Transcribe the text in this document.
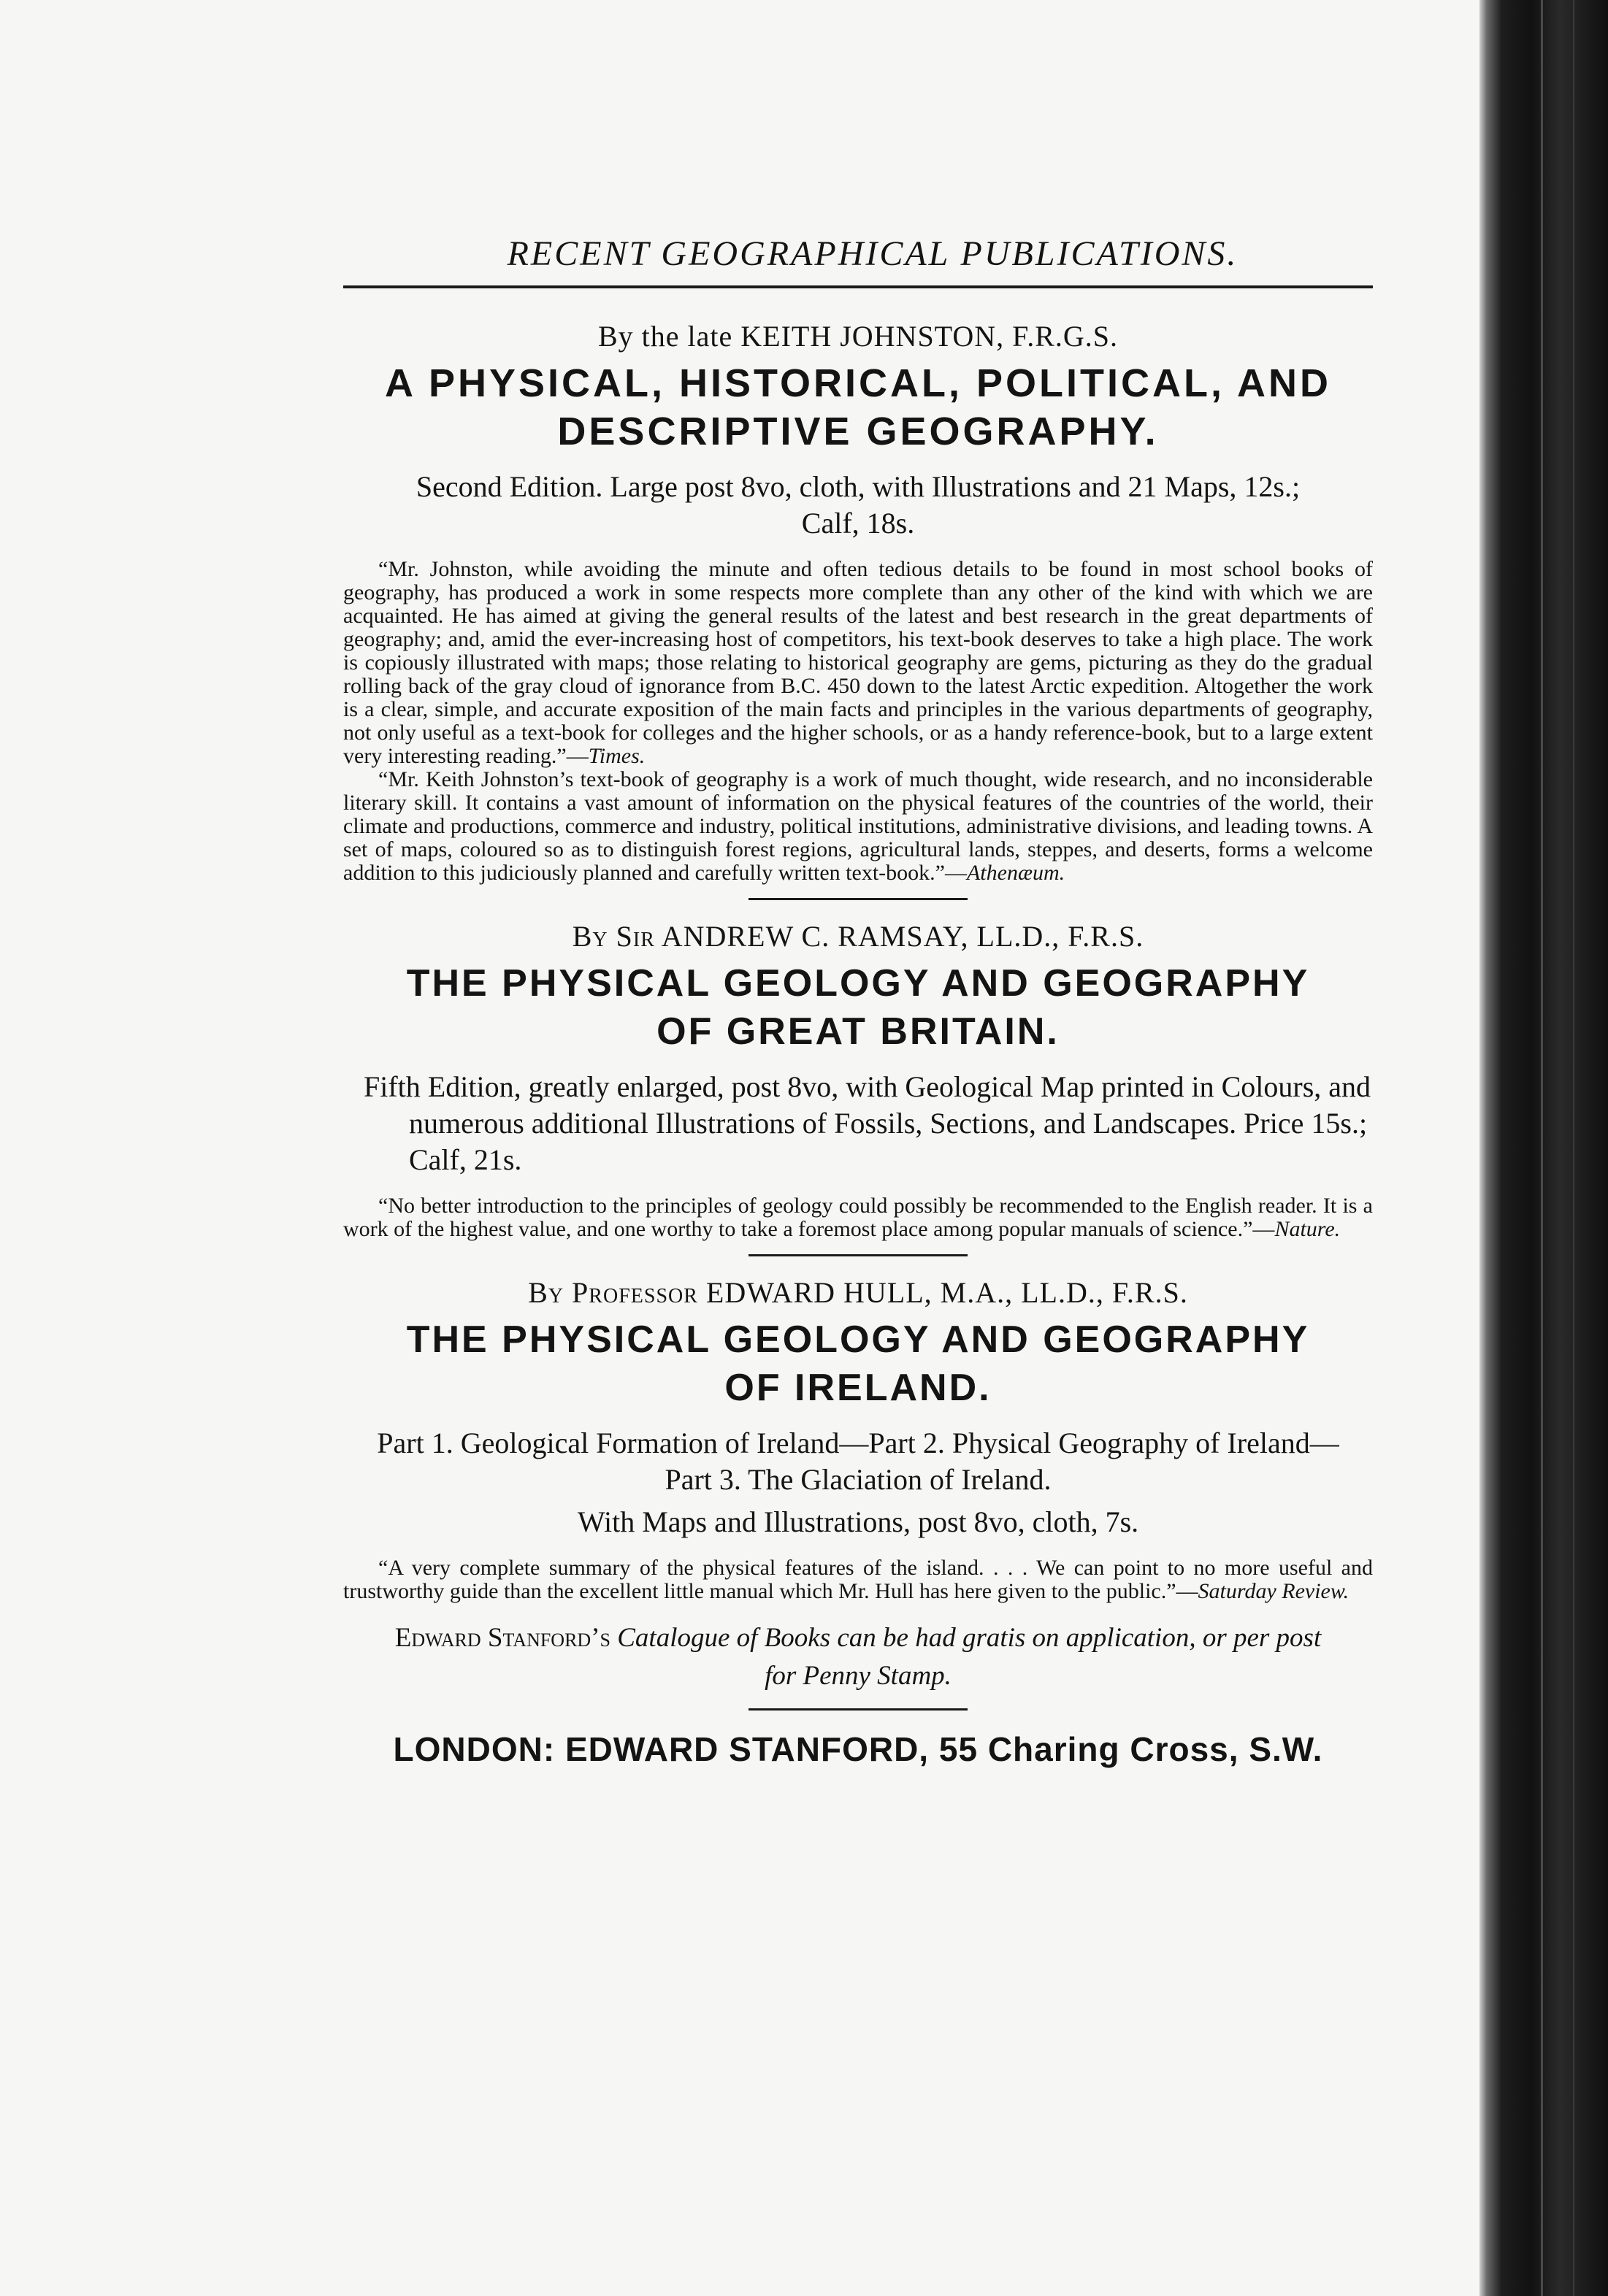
RECENT GEOGRAPHICAL PUBLICATIONS.
By the late KEITH JOHNSTON, F.R.G.S.
A PHYSICAL, HISTORICAL, POLITICAL, AND
DESCRIPTIVE GEOGRAPHY.
Second Edition. Large post 8vo, cloth, with Illustrations and 21 Maps, 12s.; Calf, 18s.

“Mr. Johnston, while avoiding the minute and often tedious details to be found in most school books of geography, has produced a work in some respects more complete than any other of the kind with which we are acquainted. He has aimed at giving the general results of the latest and best research in the great departments of geography; and, amid the ever-increasing host of competitors, his text-book deserves to take a high place. The work is copiously illustrated with maps; those relating to historical geography are gems, picturing as they do the gradual rolling back of the gray cloud of ignorance from B.C. 450 down to the latest Arctic expedition. Altogether the work is a clear, simple, and accurate exposition of the main facts and principles in the various departments of geography, not only useful as a text-book for colleges and the higher schools, or as a handy reference-book, but to a large extent very interesting reading.”—Times.

“Mr. Keith Johnston’s text-book of geography is a work of much thought, wide research, and no inconsiderable literary skill. It contains a vast amount of information on the physical features of the countries of the world, their climate and productions, commerce and industry, political institutions, administrative divisions, and leading towns. A set of maps, coloured so as to distinguish forest regions, agricultural lands, steppes, and deserts, forms a welcome addition to this judiciously planned and carefully written text-book.”—Athenæum.

By Sir ANDREW C. RAMSAY, LL.D., F.R.S.
THE PHYSICAL GEOLOGY AND GEOGRAPHY
OF GREAT BRITAIN.
Fifth Edition, greatly enlarged, post 8vo, with Geological Map printed in Colours, and numerous additional Illustrations of Fossils, Sections, and Landscapes. Price 15s.; Calf, 21s.

“No better introduction to the principles of geology could possibly be recommended to the English reader. It is a work of the highest value, and one worthy to take a foremost place among popular manuals of science.”—Nature.

By Professor EDWARD HULL, M.A., LL.D., F.R.S.
THE PHYSICAL GEOLOGY AND GEOGRAPHY
OF IRELAND.
Part 1. Geological Formation of Ireland—Part 2. Physical Geography of Ireland—Part 3. The Glaciation of Ireland.
With Maps and Illustrations, post 8vo, cloth, 7s.

“A very complete summary of the physical features of the island. . . . We can point to no more useful and trustworthy guide than the excellent little manual which Mr. Hull has here given to the public.”—Saturday Review.

Edward Stanford’s Catalogue of Books can be had gratis on application, or per post for Penny Stamp.
LONDON: EDWARD STANFORD, 55 Charing Cross, S.W.
